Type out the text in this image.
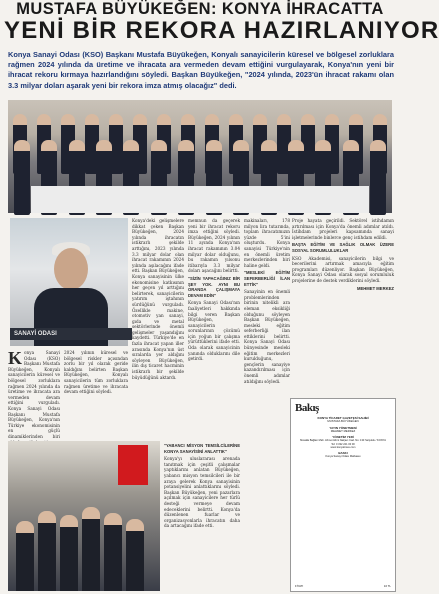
MUSTAFA BÜYÜKEĞEN: KONYA İHRACATTA
YENİ BİR REKORA HAZIRLANIYOR
Konya Sanayi Odası (KSO) Başkanı Mustafa Büyükeğen, Konyalı sanayicilerin küresel ve bölgesel zorluklara rağmen 2024 yılında da üretime ve ihracata ara vermeden devam ettiğini vurgulayarak, Konya'nın yeni bir ihracat rekoru kırmaya hazırlandığını söyledi. Başkan Büyükeğen, "2024 yılında, 2023'ün ihracat rakamı olan 3.3 milyar doları aşarak yeni bir rekora imza atmış olacağız" dedi.
SANAYİ ODASI
Konya'deki gelişmelere dikkat çeken Başkan Büyükeğen, 2024 yılında ihracatın istikrarlı şekilde arttığını, 2023 yılında 3.3 milyar dolar olan ihracat rakamının 2024 yılında aşılacağını ifade etti. Başkan Büyükeğen, Konya sanayisinin ülke ekonomisine katkısının her geçen yıl arttığını belirterek, sanayicilerin yatırım iştahının sürdüğünü vurguladı. Özellikle makine, otomotiv yan sanayi, gıda ve metal sektörlerinde önemli gelişmeler yaşandığını kaydetti. Türkiye'de en fazla ihracat yapan iller arasında Konya'nın üst sıralarda yer aldığını söyleyen Büyükeğen, ilin dış ticaret hacminin istikrarlı bir şekilde büyüdüğünü aktardı.
K onya Sanayi Odası (KSO) Başkanı Mustafa Büyükeğen, Konyalı sanayicilerin küresel ve bölgesel zorluklara rağmen 2024 yılında da üretime ve ihracata ara vermeden devam ettiğini vurguladı. Konya Sanayi Odası Başkanı Mustafa Büyükeğen, Konya'nın Türkiye ekonomisinin en güçlü dinamiklerinden biri
2024 yılının küresel ve bölgesel riskler açısından zorlu bir yıl olarak geride kaldığını belirten Başkan Büyükeğen, Konyalı sanayicilerin tüm zorluklara rağmen üretime ve ihracata devam ettiğini söyledi.
memnun da geçerek yeni bir ihracat rekoru imza ettiğini söyledi. Büyükeğen, 2024 yılının 11 ayında Konya'nın ihracat rakamının 3.04 milyar dolar olduğunu, bu rakamın yılsonu itibarıyla 3.3 milyar doları aşacağını belirtti.
"SİZİN YAPACAĞINIZ BİR ŞEY YOK. AYNI BU ORANDA ÇALIŞMAYA DEVAM EDİN"
Konya Sanayi Odası'nın faaliyetleri hakkında bilgi veren Başkan Büyükeğen, sanayicilerin sorunlarının çözümü için yoğun bir çalışma yürüttüklerini ifade etti. Oda olarak sanayicinin yanında olduklarını dile getirdi.
makinaları, 178 milyon lira tutarında, toplam ihracatımızın yüzde 5'ini oluşturdu. Konya sanayisi Türkiye'nin en önemli üretim merkezlerinden biri haline geldi.
"MESLEKİ EĞİTİM SEFERBERLİĞİ İLAN ETTİK"
Sanayinin en önemli problemlerinden birinin nitelikli ara eleman eksikliği olduğunu söyleyen Başkan Büyükeğen, mesleki eğitim seferberliği ilan ettiklerini belirtti. Konya Sanayi Odası bünyesinde mesleki eğitim merkezleri kurulduğunu, gençlerin sanayiye kazandırılması için önemli adımlar atıldığını söyledi.
"YABANCI MİSYON TEMSİLCİLERİNE KONYA SANAYİSİNİ ANLATTIK"
Konya'yı uluslararası arenada tanıtmak için çeşitli çalışmalar yaptıklarını anlatan Büyükeğen, yabancı misyon temsilcileri ile bir araya gelerek Konya sanayisinin potansiyelini anlattıklarını söyledi. Başkan Büyükeğen, yeni pazarlara açılmak için sanayicilere her türlü desteği vermeye devam edeceklerini belirtti. Konya'da düzenlenen fuarlar ve organizasyonlarla ihracatın daha da artacağını ifade etti.
Proje hayata geçirildi. Sektörel istihdamın artırılması için Konya'da önemli adımlar atıldı. İstihdam projeleri kapsamında sanayi işletmelerinde binlerce genç istihdam edildi.
BAŞTA EĞİTİM VE SAĞLIK OLMAK ÜZERE SOSYAL SORUMLULUKLAR
KSO Akademisi, sanayicilerin bilgi ve becerilerini artırmak amacıyla eğitim programları düzenliyor. Başkan Büyükeğen, Konya Sanayi Odası olarak sosyal sorumluluk projelerine de destek verdiklerini söyledi.
MEHMET MERKEZ
Bakış
KONYA TİCARET GAZETESİ SAHİBİ
MUSTAFA BÜYÜKEĞEN
YAYIN YÖNETMENİ
MEHMET MERKEZ
YÖNETİM YERİ
Musalla Bağları Mah. Ahmet Hilmi Nalçacı Cad. No: 133 Selçuklu / KONYA
Tel: 0 332 221 00 00
www.konyatimes.com
BASKI
Konya Sanayi Odası Matbaası
FİYATI	10 TL
